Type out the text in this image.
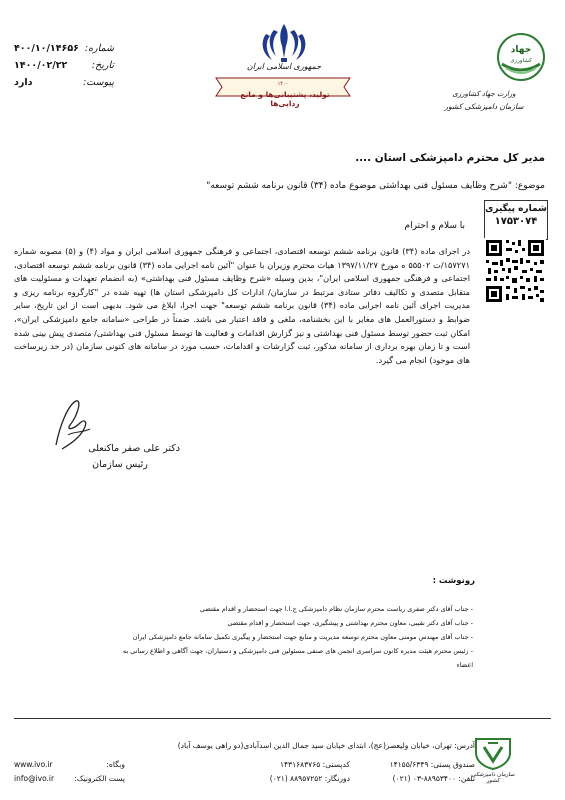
شماره:
۴۰۰/۱۰/۱۴۶۵۶
تاریخ:
۱۴۰۰/۰۲/۲۲
پیوست:
دارد
جمهوری اسلامی ایران
۱۴۰۰
تولید، پشتیبانی‌ها و مانع زدایی‌ها
جهاد
کشاورزی
وزارت جهاد کشاورزی
سازمان دامپزشکی کشور
مدیر کل محترم دامپزشکی استان ....
موضوع: "شرح وظایف مسئول فنی بهداشتی موضوع ماده (۳۴) قانون برنامه ششم توسعه"
شماره پیگیری
۱۷۵۳۰۷۴
با سلام و احترام
در اجرای ماده (۳۴) قانون برنامه ششم توسعه اقتصادی، اجتماعی و فرهنگی جمهوری اسلامی ایران و مواد (۴) و (۵) مصوبه شماره ۱۵۷۲۷۱/ت ۵۵۵۰۲ ه مورخ ۱۳۹۷/۱۱/۲۷ هیات محترم وزیران با عنوان "آئین نامه اجرایی ماده (۳۴) قانون برنامه ششم توسعه اقتصادی، اجتماعی و فرهنگی جمهوری اسلامی ایران"، بدین وسیله «شرح وظایف مسئول فنی بهداشتی» (به انضمام تعهدات و مسئولیت های متقابل متصدی و تکالیف دفاتر ستادی مرتبط در سازمان/ ادارات کل دامپزشکی استان ها) تهیه شده در "کارگروه برنامه ریزی و مدیریت اجرای آئین نامه اجرایی ماده (۳۴) قانون برنامه ششم توسعه" جهت اجرا، ابلاغ می شود. بدیهی است از این تاریخ، سایر ضوابط و دستورالعمل های مغایر با این بخشنامه، ملغی و فاقد اعتبار می باشد. ضمناً در طراحی «سامانه جامع دامپزشکی ایران»، امکان ثبت حضور توسط مسئول فنی بهداشتی و نیز گزارش اقدامات و فعالیت ها توسط مسئول فنی بهداشتی/ متصدی پیش بینی شده است و تا زمان بهره برداری از سامانه مذکور، ثبت گزارشات و اقدامات، حسب مورد در سامانه های کنونی سازمان (در حد زیرساخت های موجود) انجام می گیرد.
دکتر علی صفر ماکنعلی
رئیس سازمان
رونوشت :
- جناب آقای دکتر صفری ریاست محترم سازمان نظام دامپزشکی ج.ا.ا جهت استحضار و اقدام مقتضی
- جناب آقای دکتر نقیبی، معاون محترم بهداشتی و پیشگیری، جهت استحضار و اقدام مقتضی
- جناب آقای مهندس مومنی معاون محترم توسعه مدیریت و منابع جهت استحضار و پیگیری تکمیل سامانه جامع دامپزشکی ایران
- رئیس محترم هیئت مدیره کانون سراسری انجمن های صنفی مسئولین فنی دامپزشکی و دستیاران، جهت آگاهی و اطلاع رسانی به اعضاء
آدرس: تهران، خیابان ولیعصر(عج)، ابتدای خیابان سید جمال الدین اسدآبادی(دو راهی یوسف آباد)
صندوق پستی: ۱۴۱۵۵/۶۳۴۹
کدپستی: ۱۴۳۱۶۸۳۷۶۵
وبگاه:
www.ivo.ir
تلفن: ۸۸۹۵۳۴۰۰-۰۳ (۰۲۱)
دورنگار: ۸۸۹۵۷۲۵۲ (۰۲۱)
پست الکترونیک:
info@ivo.ir	سازمان دامپزشکی کشور
